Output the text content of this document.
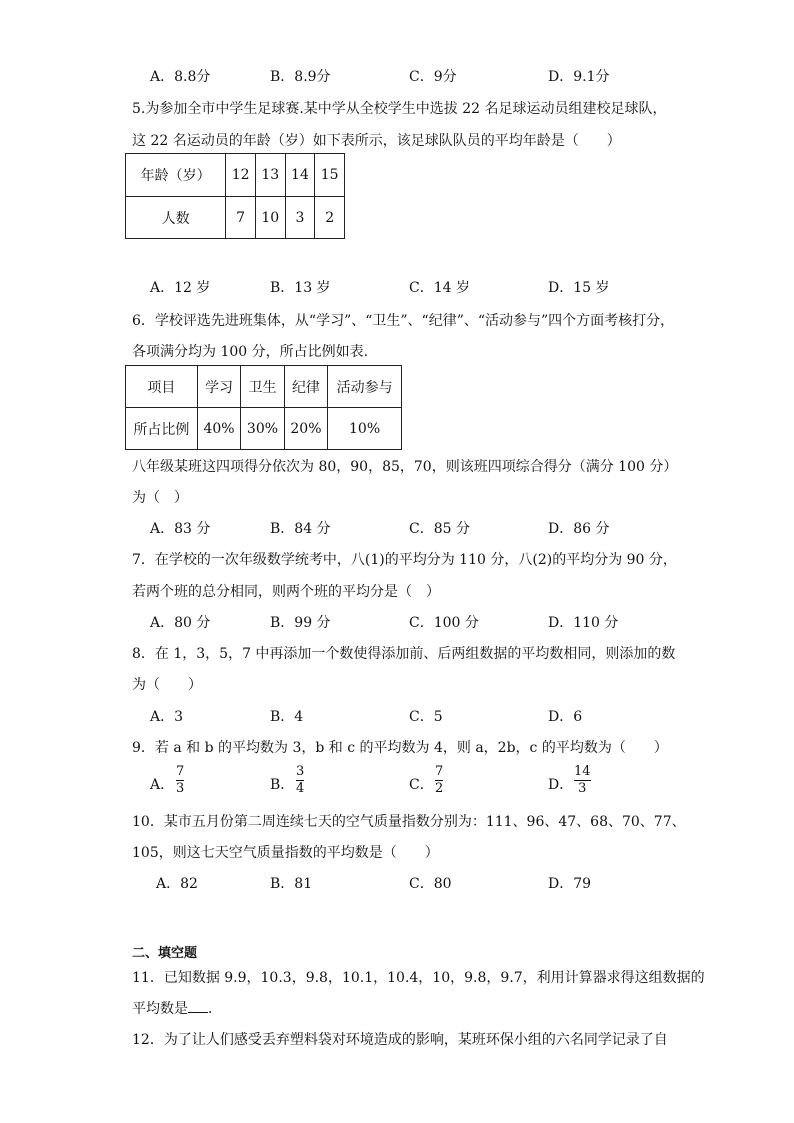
A．8.8分	B．8.9分	C．9分	D．9.1分
5.为参加全市中学生足球赛.某中学从全校学生中选拔 22 名足球运动员组建校足球队，
这 22 名运动员的年龄（岁）如下表所示，该足球队队员的平均年龄是（　　）
年龄（岁）	12	13	14	15
人数	7	10	3	2
A．12 岁	B．13 岁	C．14 岁	D．15 岁
6．学校评选先进班集体，从“学习”、“卫生”、“纪律”、“活动参与”四个方面考核打分，
各项满分均为 100 分，所占比例如表.
项目	学习	卫生	纪律	活动参与
所占比例	40%	30%	20%	10%
八年级某班这四项得分依次为 80，90，85，70，则该班四项综合得分（满分 100 分）
为（　）
A．83 分	B．84 分	C．85 分	D．86 分
7．在学校的一次年级数学统考中，八(1)的平均分为 110 分，八(2)的平均分为 90 分，
若两个班的总分相同，则两个班的平均分是（　）
A．80 分	B．99 分	C．100 分	D．110 分
8．在 1，3，5，7 中再添加一个数使得添加前、后两组数据的平均数相同，则添加的数
为（　　）
A．3	B．4	C．5	D．6
9．若 a 和 b 的平均数为 3，b 和 c 的平均数为 4，则 a，2b，c 的平均数为（　　）
A．
7
3	B．
3
4	C．
7
2	D．
14
3
10．某市五月份第二周连续七天的空气质量指数分别为：111、96、47、68、70、77、
105，则这七天空气质量指数的平均数是（　　）
A．82	B．81	C．80	D．79
二、填空题
11．已知数据 9.9，10.3，9.8，10.1，10.4，10，9.8，9.7，利用计算器求得这组数据的
平均数是 ．
12．为了让人们感受丢弃塑料袋对环境造成的影响，某班环保小组的六名同学记录了自
